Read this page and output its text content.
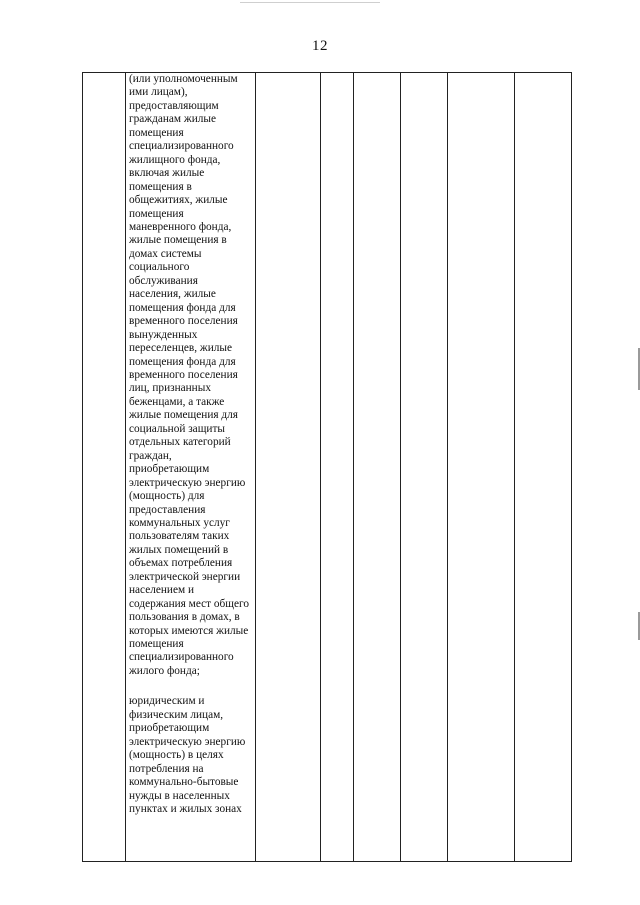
12

(или уполномоченным ими лицам), предоставляющим гражданам жилые помещения специализированного жилищного фонда, включая жилые помещения в общежитиях, жилые помещения маневренного фонда, жилые помещения в домах системы социального обслуживания населения, жилые помещения фонда для временного поселения вынужденных переселенцев, жилые помещения фонда для временного поселения лиц, признанных беженцами, а также жилые помещения для социальной защиты отдельных категорий граждан, приобретающим электрическую энергию (мощность) для предоставления коммунальных услуг пользователям таких жилых помещений в объемах потребления электрической энергии населением и содержания мест общего пользования в домах, в которых имеются жилые помещения специализированного жилого фонда;

юридическим и физическим лицам, приобретающим электрическую энергию (мощность) в целях потребления на коммунально-бытовые нужды в населенных пунктах и жилых зонах
